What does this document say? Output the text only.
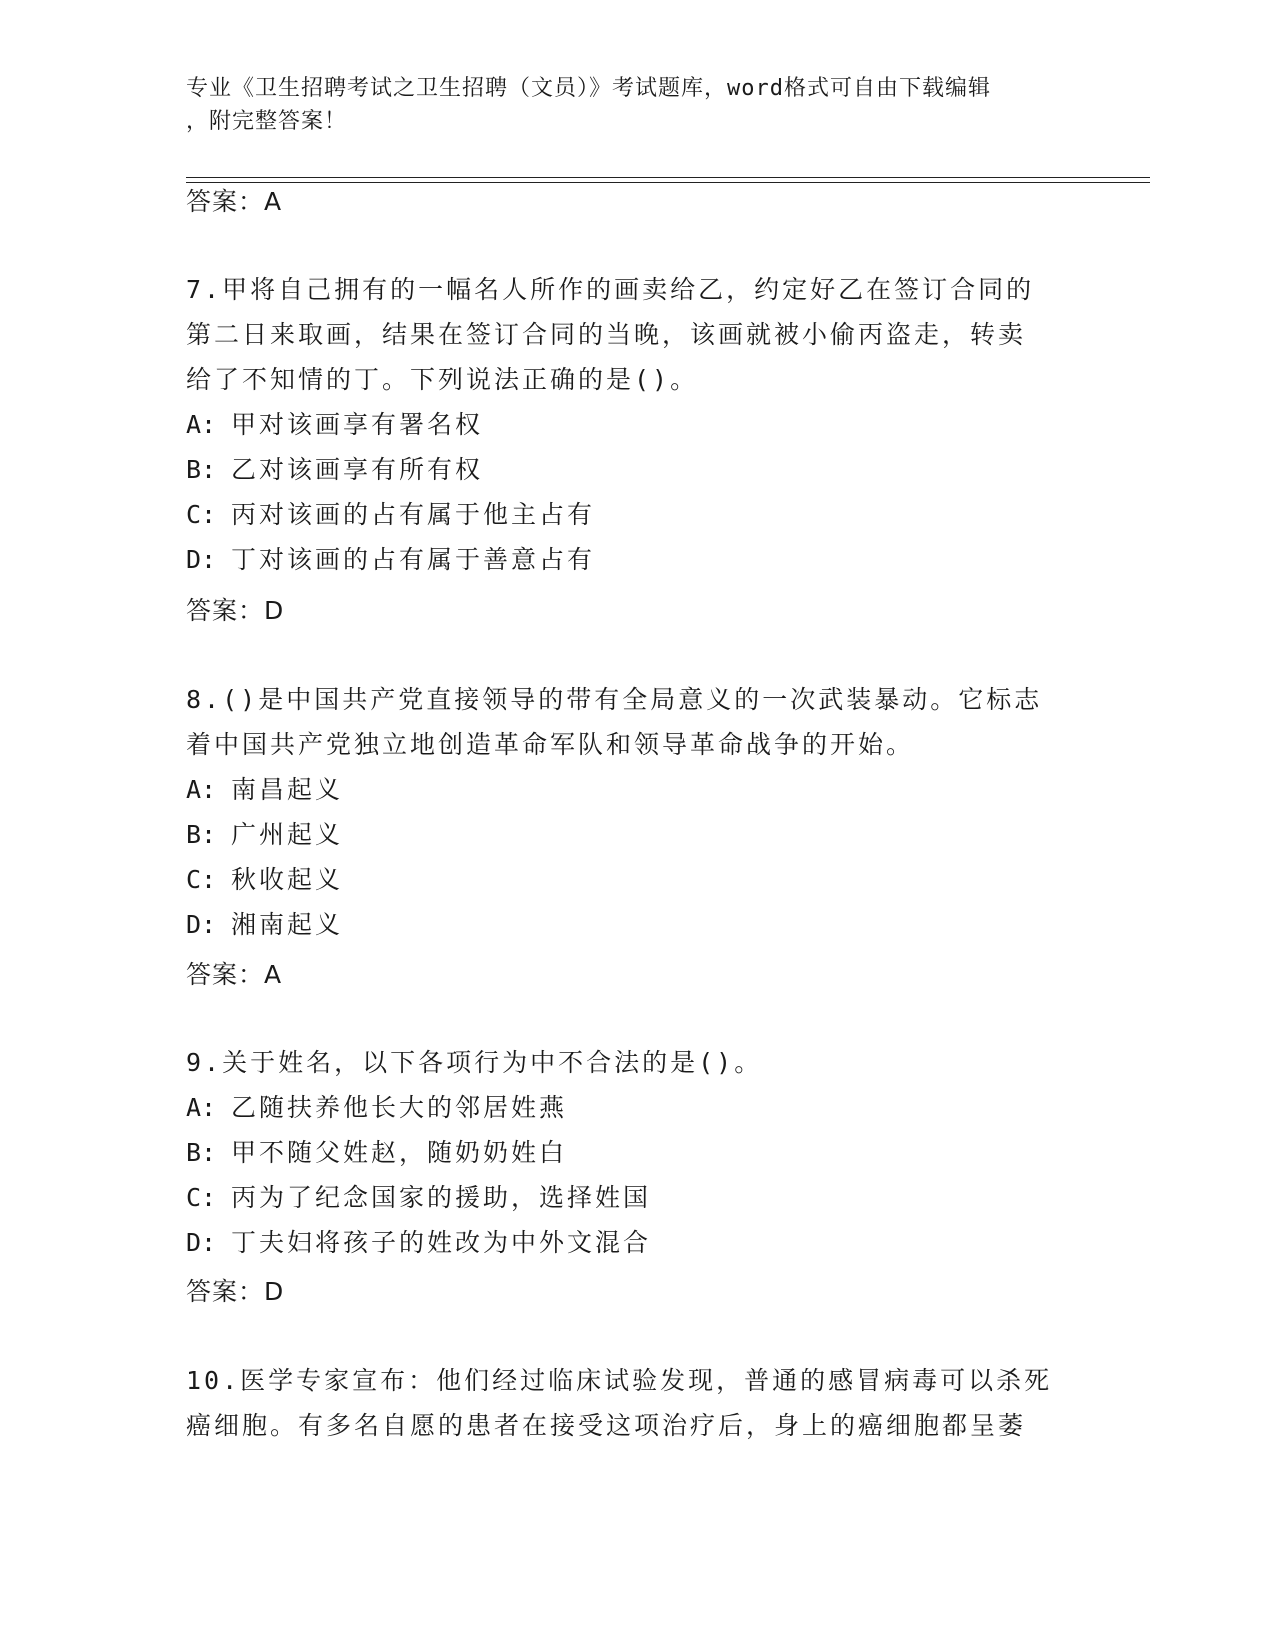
专业《卫生招聘考试之卫生招聘（文员）》考试题库，word格式可自由下载编辑
，附完整答案！
答案：A
7.甲将自己拥有的一幅名人所作的画卖给乙，约定好乙在签订合同的
第二日来取画，结果在签订合同的当晚，该画就被小偷丙盗走，转卖
给了不知情的丁。下列说法正确的是()。
A: 甲对该画享有署名权
B: 乙对该画享有所有权
C: 丙对该画的占有属于他主占有
D: 丁对该画的占有属于善意占有
答案：D
8.()是中国共产党直接领导的带有全局意义的一次武装暴动。它标志
着中国共产党独立地创造革命军队和领导革命战争的开始。
A: 南昌起义
B: 广州起义
C: 秋收起义
D: 湘南起义
答案：A
9.关于姓名，以下各项行为中不合法的是()。
A: 乙随扶养他长大的邻居姓燕
B: 甲不随父姓赵，随奶奶姓白
C: 丙为了纪念国家的援助，选择姓国
D: 丁夫妇将孩子的姓改为中外文混合
答案：D
10.医学专家宣布：他们经过临床试验发现，普通的感冒病毒可以杀死
癌细胞。有多名自愿的患者在接受这项治疗后，身上的癌细胞都呈萎
